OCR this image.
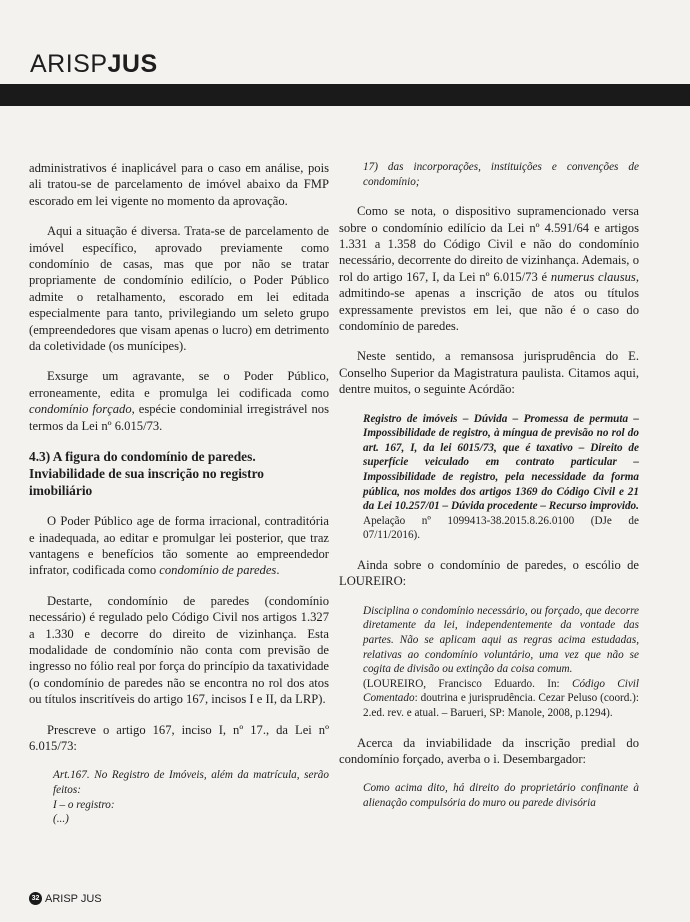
ARISPJUS

administrativos é inaplicável para o caso em análise, pois ali tratou-se de parcelamento de imóvel abaixo da FMP escorado em lei vigente no momento da aprovação.

Aqui a situação é diversa. Trata-se de parcelamento de imóvel específico, aprovado previamente como condomínio de casas, mas que por não se tratar propriamente de condomínio edilício, o Poder Público admite o retalhamento, escorado em lei editada especialmente para tanto, privilegiando um seleto grupo (empreendedores que visam apenas o lucro) em detrimento da coletividade (os munícipes).

Exsurge um agravante, se o Poder Público, erroneamente, edita e promulga lei codificada como condomínio forçado, espécie condominial irregistrável nos termos da Lei nº 6.015/73.

4.3) A figura do condomínio de paredes. Inviabilidade de sua inscrição no registro imobiliário

O Poder Público age de forma irracional, contraditória e inadequada, ao editar e promulgar lei posterior, que traz vantagens e benefícios tão somente ao empreendedor infrator, codificada como condomínio de paredes.

Destarte, condomínio de paredes (condomínio necessário) é regulado pelo Código Civil nos artigos 1.327 a 1.330 e decorre do direito de vizinhança. Esta modalidade de condomínio não conta com previsão de ingresso no fólio real por força do princípio da taxatividade (o condomínio de paredes não se encontra no rol dos atos ou títulos inscritíveis do artigo 167, incisos I e II, da LRP).

Prescreve o artigo 167, inciso I, nº 17., da Lei nº 6.015/73:

Art.167. No Registro de Imóveis, além da matrícula, serão feitos:
I – o registro:
(...)
17) das incorporações, instituições e convenções de condomínio;

Como se nota, o dispositivo supramencionado versa sobre o condomínio edilício da Lei nº 4.591/64 e artigos 1.331 a 1.358 do Código Civil e não do condomínio necessário, decorrente do direito de vizinhança. Ademais, o rol do artigo 167, I, da Lei nº 6.015/73 é numerus clausus, admitindo-se apenas a inscrição de atos ou títulos expressamente previstos em lei, que não é o caso do condomínio de paredes.

Neste sentido, a remansosa jurisprudência do E. Conselho Superior da Magistratura paulista. Citamos aqui, dentre muitos, o seguinte Acórdão:

Registro de imóveis – Dúvida – Promessa de permuta – Impossibilidade de registro, à míngua de previsão no rol do art. 167, I, da lei 6015/73, que é taxativo – Direito de superfície veiculado em contrato particular – Impossibilidade de registro, pela necessidade da forma pública, nos moldes dos artigos 1369 do Código Civil e 21 da Lei 10.257/01 – Dúvida procedente – Recurso improvido.
Apelação nº 1099413-38.2015.8.26.0100 (DJe de 07/11/2016).

Ainda sobre o condomínio de paredes, o escólio de LOUREIRO:

Disciplina o condomínio necessário, ou forçado, que decorre diretamente da lei, independentemente da vontade das partes. Não se aplicam aqui as regras acima estudadas, relativas ao condomínio voluntário, uma vez que não se cogita de divisão ou extinção da coisa comum.
(LOUREIRO, Francisco Eduardo. In: Código Civil Comentado: doutrina e jurisprudência. Cezar Peluso (coord.): 2.ed. rev. e atual. – Barueri, SP: Manole, 2008, p.1294).

Acerca da inviabilidade da inscrição predial do condomínio forçado, averba o i. Desembargador:

Como acima dito, há direito do proprietário confinante à alienação compulsória do muro ou parede divisória
32 ARISP JUS
